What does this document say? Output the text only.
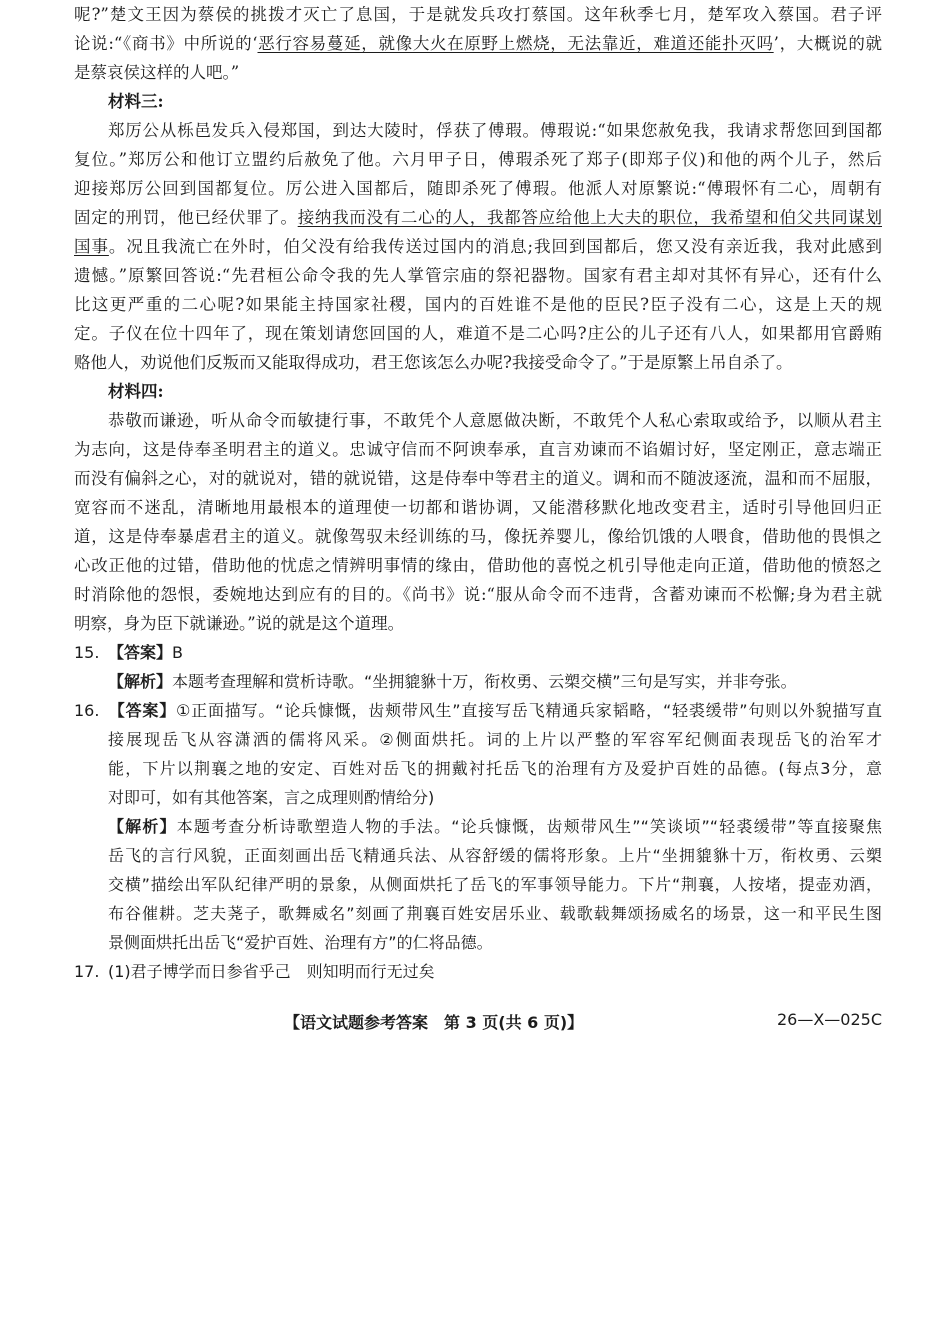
呢?”楚文王因为蔡侯的挑拨才灭亡了息国，于是就发兵攻打蔡国。这年秋季七月，楚军攻入蔡国。君子评
论说:“《商书》中所说的‘恶行容易蔓延，就像大火在原野上燃烧，无法靠近，难道还能扑灭吗’，大概说的就
是蔡哀侯这样的人吧。”
材料三:
郑厉公从栎邑发兵入侵郑国，到达大陵时，俘获了傅瑕。傅瑕说:“如果您赦免我，我请求帮您回到国都
复位。”郑厉公和他订立盟约后赦免了他。六月甲子日，傅瑕杀死了郑子(即郑子仪)和他的两个儿子，然后
迎接郑厉公回到国都复位。厉公进入国都后，随即杀死了傅瑕。他派人对原繁说:“傅瑕怀有二心，周朝有
固定的刑罚，他已经伏罪了。接纳我而没有二心的人，我都答应给他上大夫的职位，我希望和伯父共同谋划
国事。况且我流亡在外时，伯父没有给我传送过国内的消息;我回到国都后，您又没有亲近我，我对此感到
遗憾。”原繁回答说:“先君桓公命令我的先人掌管宗庙的祭祀器物。国家有君主却对其怀有异心，还有什么
比这更严重的二心呢?如果能主持国家社稷，国内的百姓谁不是他的臣民?臣子没有二心，这是上天的规
定。子仪在位十四年了，现在策划请您回国的人，难道不是二心吗?庄公的儿子还有八人，如果都用官爵贿
赂他人，劝说他们反叛而又能取得成功，君王您该怎么办呢?我接受命令了。”于是原繁上吊自杀了。
材料四:
恭敬而谦逊，听从命令而敏捷行事，不敢凭个人意愿做决断，不敢凭个人私心索取或给予，以顺从君主
为志向，这是侍奉圣明君主的道义。忠诚守信而不阿谀奉承，直言劝谏而不谄媚讨好，坚定刚正，意志端正
而没有偏斜之心，对的就说对，错的就说错，这是侍奉中等君主的道义。调和而不随波逐流，温和而不屈服，
宽容而不迷乱，清晰地用最根本的道理使一切都和谐协调，又能潜移默化地改变君主，适时引导他回归正
道，这是侍奉暴虐君主的道义。就像驾驭未经训练的马，像抚养婴儿，像给饥饿的人喂食，借助他的畏惧之
心改正他的过错，借助他的忧虑之情辨明事情的缘由，借助他的喜悦之机引导他走向正道，借助他的愤怒之
时消除他的怨恨，委婉地达到应有的目的。《尚书》说:“服从命令而不违背，含蓄劝谏而不松懈;身为君主就
明察，身为臣下就谦逊。”说的就是这个道理。
15. 【答案】B
【解析】本题考查理解和赏析诗歌。“坐拥貔貅十万，衔枚勇、云槊交横”三句是写实，并非夸张。
16. 【答案】①正面描写。“论兵慷慨，齿颊带风生”直接写岳飞精通兵家韬略，“轻裘缓带”句则以外貌描写直
接展现岳飞从容潇洒的儒将风采。②侧面烘托。词的上片以严整的军容军纪侧面表现岳飞的治军才
能，下片以荆襄之地的安定、百姓对岳飞的拥戴衬托岳飞的治理有方及爱护百姓的品德。(每点3分，意
对即可，如有其他答案，言之成理则酌情给分)
【解析】本题考查分析诗歌塑造人物的手法。“论兵慷慨，齿颊带风生”“笑谈顷”“轻裘缓带”等直接聚焦
岳飞的言行风貌，正面刻画出岳飞精通兵法、从容舒缓的儒将形象。上片“坐拥貔貅十万，衔枚勇、云槊
交横”描绘出军队纪律严明的景象，从侧面烘托了岳飞的军事领导能力。下片“荆襄，人按堵，提壶劝酒，
布谷催耕。芝夫荛子，歌舞威名”刻画了荆襄百姓安居乐业、载歌载舞颂扬威名的场景，这一和平民生图
景侧面烘托出岳飞“爱护百姓、治理有方”的仁将品德。
17. (1)君子博学而日参省乎己　则知明而行无过矣
【语文试题参考答案　第 3 页(共 6 页)】	26—X—025C
